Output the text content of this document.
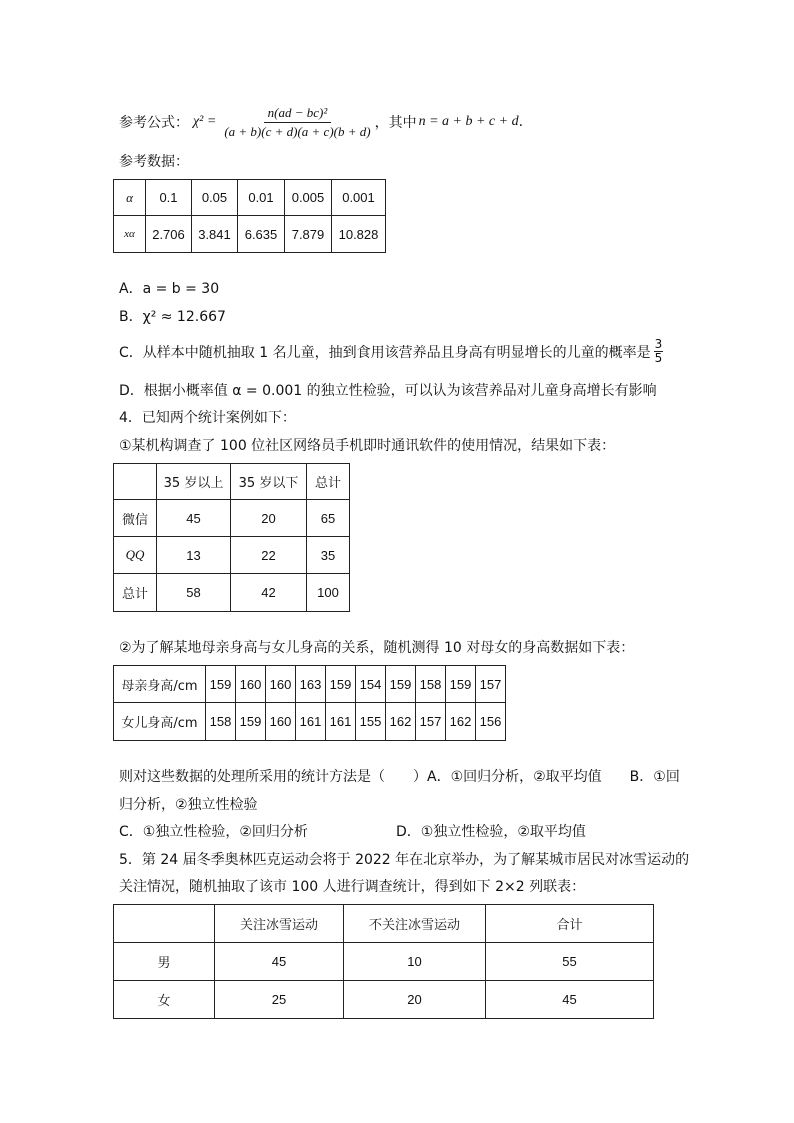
参考公式： $\chi^2 = \frac{\text{n(ad − bc)²}}{(a + b)(c + d)(a + c)(b + d)}$ ，其中 n = a + b + c + d .
参考数据：
α	0.1	0.05	0.01	0.005	0.001
xα	2.706	3.841	6.635	7.879	10.828
A．a = b = 30
B．χ² ≈ 12.667
C．从样本中随机抽取 1 名儿童，抽到食用该营养品且身高有明显增长的儿童的概率是 $\frac{3}{5}$
D．根据小概率值 α = 0.001 的独立性检验，可以认为该营养品对儿童身高增长有影响
4．已知两个统计案例如下：
①某机构调查了 100 位社区网络员手机即时通讯软件的使用情况，结果如下表：
	35 岁以上	35 岁以下	总计
微信	45	20	65
QQ	13	22	35
总计	58	42	100
②为了解某地母亲身高与女儿身高的关系，随机测得 10 对母女的身高数据如下表：
母亲身高/cm	159	160	160	163	159	154	159	158	159	157
女儿身高/cm	158	159	160	161	161	155	162	157	162	156
则对这些数据的处理所采用的统计方法是（　　）A．①回归分析，②取平均值　　B．①回
归分析，②独立性检验
C．①独立性检验，②回归分析	D．①独立性检验，②取平均值
5．第 24 届冬季奥林匹克运动会将于 2022 年在北京举办，为了解某城市居民对冰雪运动的
关注情况，随机抽取了该市 100 人进行调查统计，得到如下 2×2 列联表：
	关注冰雪运动	不关注冰雪运动	合计
男	45	10	55
女	25	20	45
